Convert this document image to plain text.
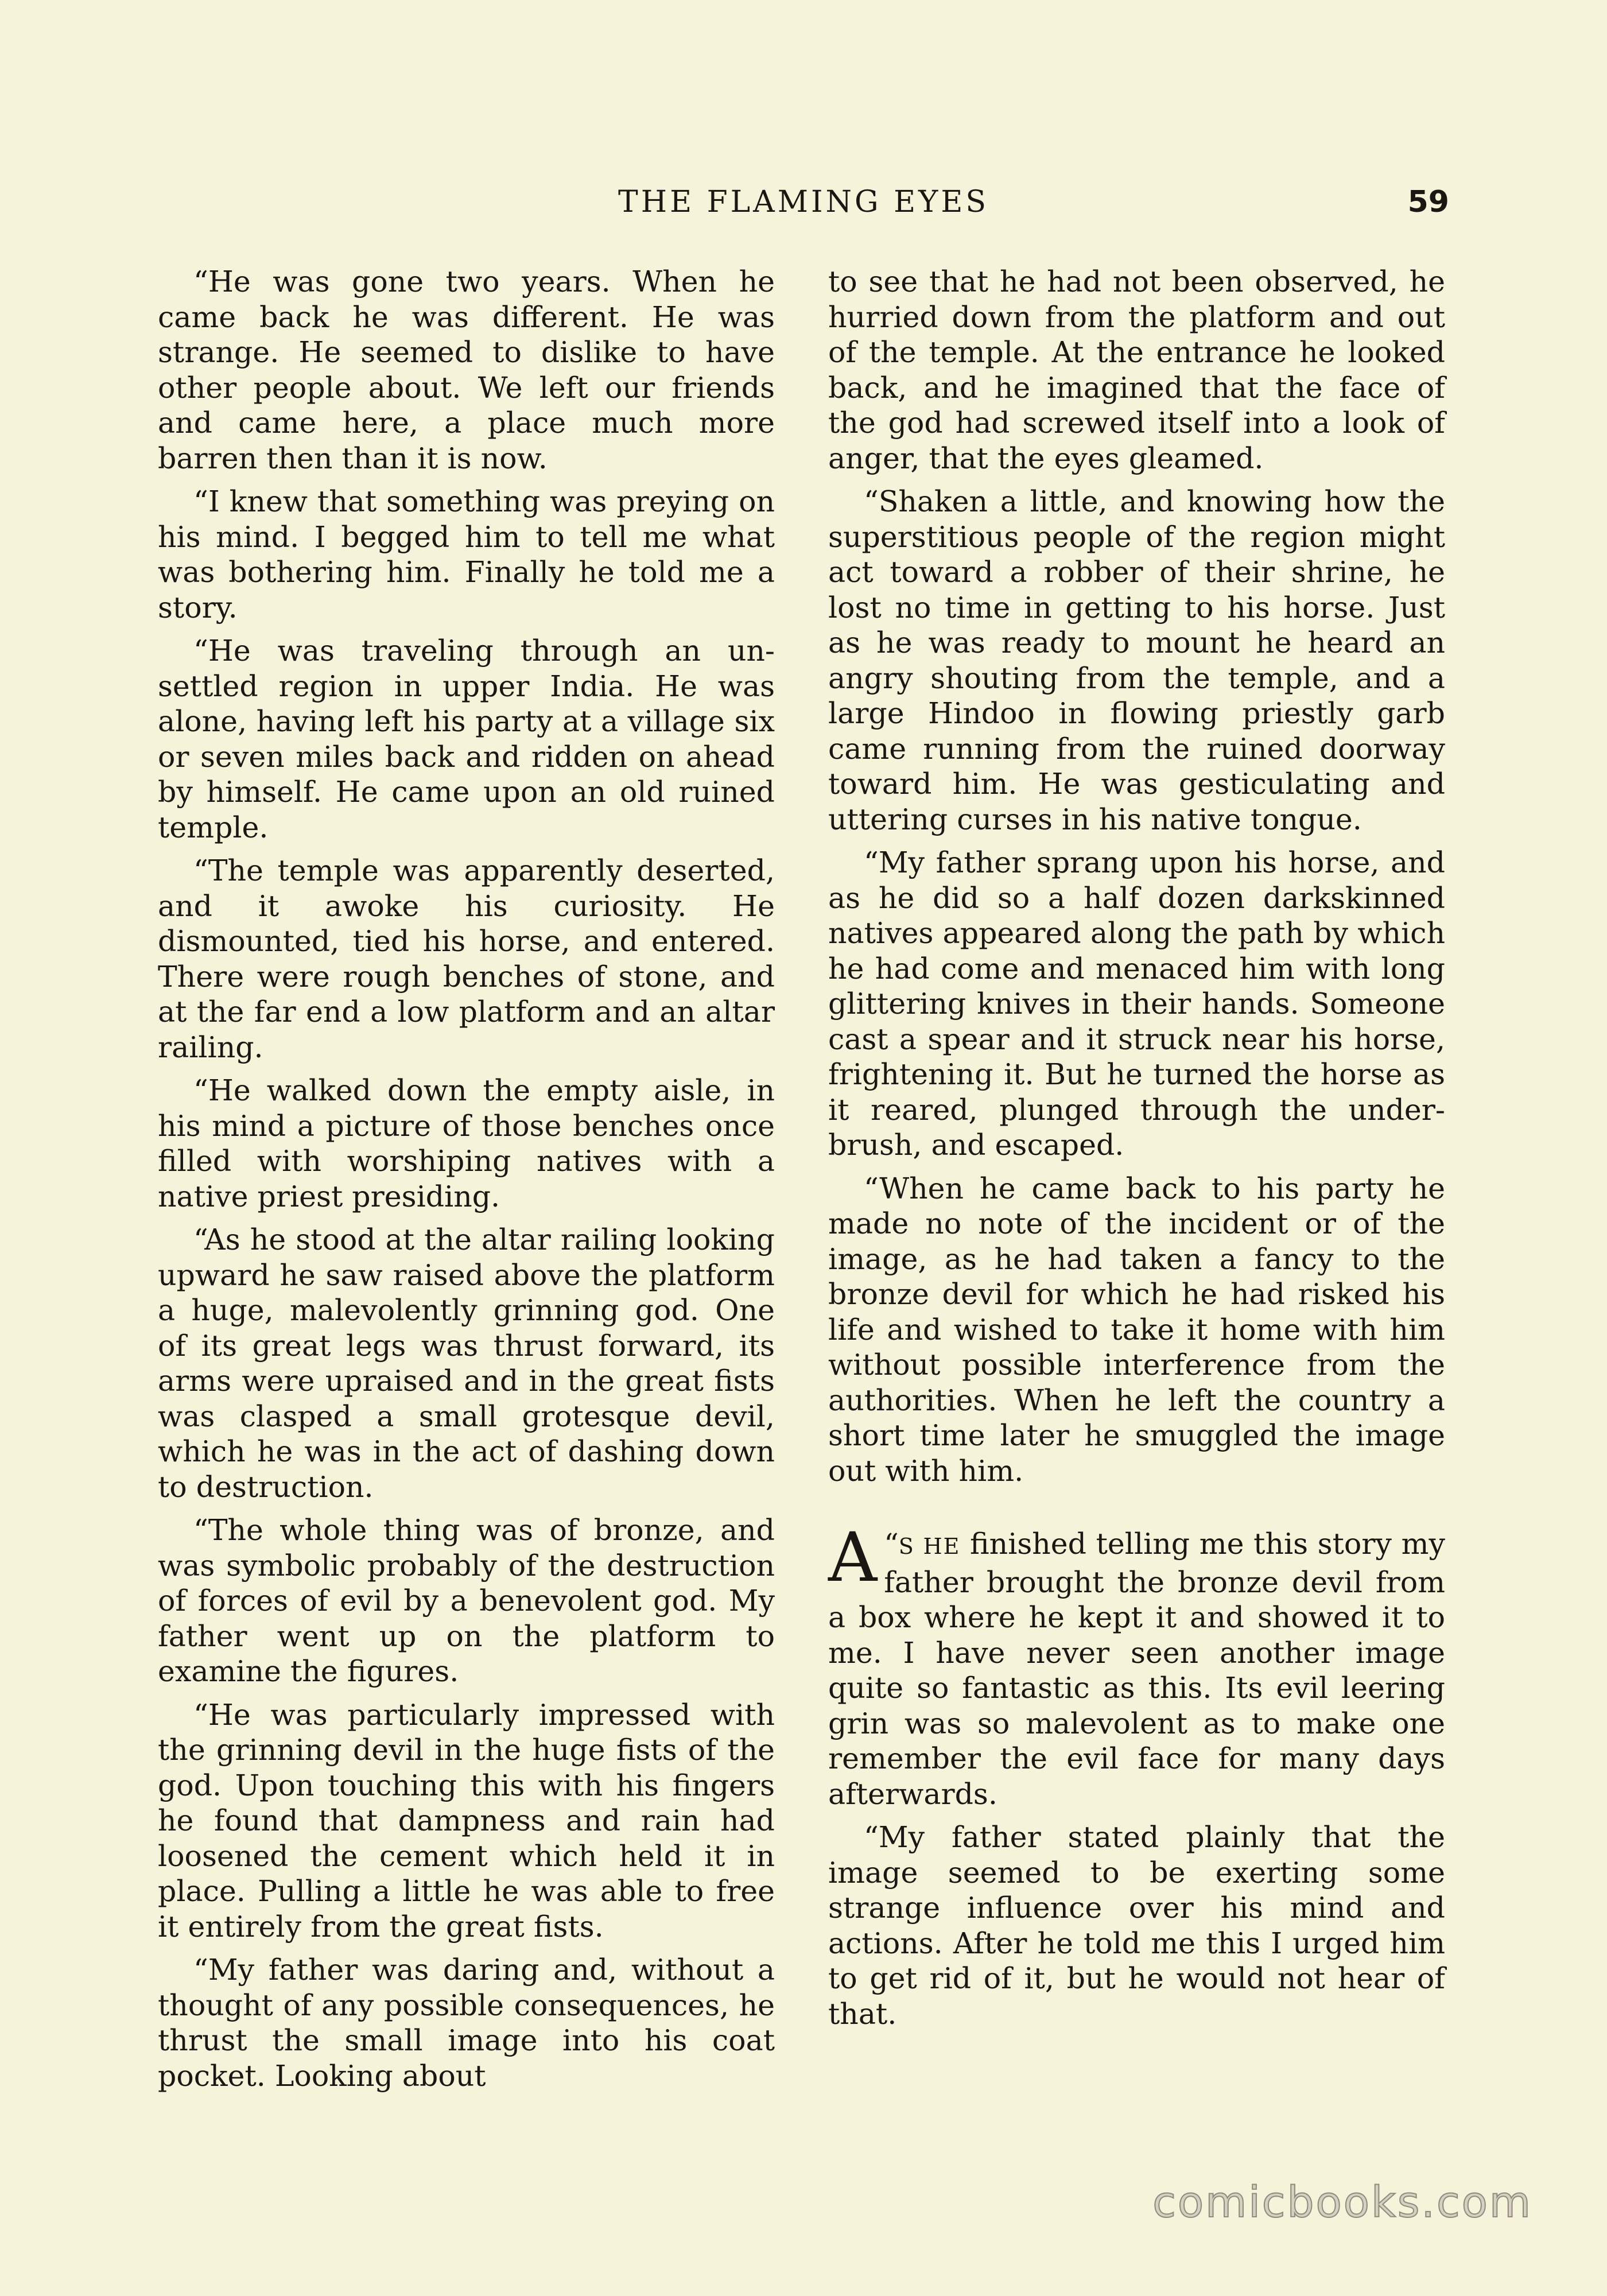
THE FLAMING EYES	59

“He was gone two years. When he came back he was different. He was strange. He seemed to dislike to have other people about. We left our friends and came here, a place much more barren then than it is now.

“I knew that something was preying on his mind. I begged him to tell me what was bothering him. Finally he told me a story.

“He was traveling through an unsettled region in upper India. He was alone, having left his party at a village six or seven miles back and ridden on ahead by himself. He came upon an old ruined temple.

“The temple was apparently deserted, and it awoke his curiosity. He dismounted, tied his horse, and entered. There were rough benches of stone, and at the far end a low platform and an altar railing.

“He walked down the empty aisle, in his mind a picture of those benches once filled with worshiping natives with a native priest presiding.

“As he stood at the altar railing looking upward he saw raised above the platform a huge, malevolently grinning god. One of its great legs was thrust forward, its arms were upraised and in the great fists was clasped a small grotesque devil, which he was in the act of dashing down to destruction.

“The whole thing was of bronze, and was symbolic probably of the destruction of forces of evil by a benevolent god. My father went up on the platform to examine the figures.

“He was particularly impressed with the grinning devil in the huge fists of the god. Upon touching this with his fingers he found that dampness and rain had loosened the cement which held it in place. Pulling a little he was able to free it entirely from the great fists.

“My father was daring and, without a thought of any possible consequences, he thrust the small image into his coat pocket. Looking about

to see that he had not been observed, he hurried down from the platform and out of the temple. At the entrance he looked back, and he imagined that the face of the god had screwed itself into a look of anger, that the eyes gleamed.

“Shaken a little, and knowing how the superstitious people of the region might act toward a robber of their shrine, he lost no time in getting to his horse. Just as he was ready to mount he heard an angry shouting from the temple, and a large Hindoo in flowing priestly garb came running from the ruined doorway toward him. He was gesticulating and uttering curses in his native tongue.

“My father sprang upon his horse, and as he did so a half dozen darkskinned natives appeared along the path by which he had come and menaced him with long glittering knives in their hands. Someone cast a spear and it struck near his horse, frightening it. But he turned the horse as it reared, plunged through the underbrush, and escaped.

“When he came back to his party he made no note of the incident or of the image, as he had taken a fancy to the bronze devil for which he had risked his life and wished to take it home with him without possible interference from the authorities. When he left the country a short time later he smuggled the image out with him.

“
A S HE finished telling me this story my father brought the bronze devil from a box where he kept it and showed it to me. I have never seen another image quite so fantastic as this. Its evil leering grin was so malevolent as to make one remember the evil face for many days afterwards.

“My father stated plainly that the image seemed to be exerting some strange influence over his mind and actions. After he told me this I urged him to get rid of it, but he would not hear of that.

comicbooks.com
